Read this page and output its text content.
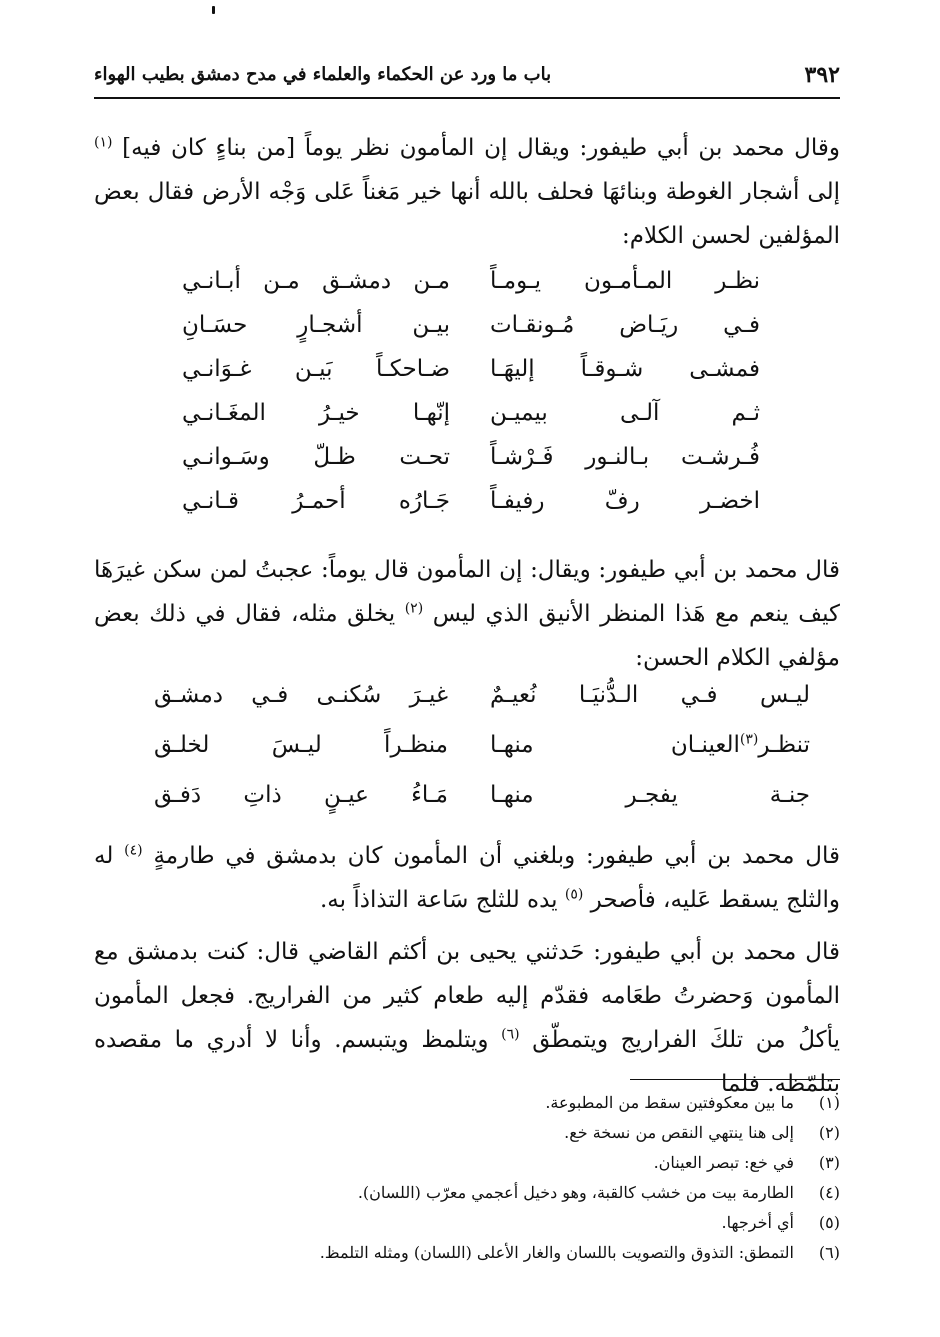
٣٩٢
باب ما ورد عن الحكماء والعلماء في مدح دمشق بطيب الهواء
وقال محمد بن أبي طيفور: ويقال إن المأمون نظر يوماً [من بناءٍ كان فيه] $^{(١)}$ إلى أشجار الغوطة وبنائهَا فحلف بالله أنها خير مَغناً عَلى وَجْه الأرض فقال بعض المؤلفين لحسن الكلام:
نظـر المـأمـون يـومـاً
مـن دمشـق مـن أبـانـي
فـي ريَـاض مُـونقـات
بيـن أشجـارٍ حسَـانِ
فمشـى شـوقـاً إليهَـا
ضـاحكـاً بَيـن غـوَانـي
ثـم آلـى بيميـن
إنّهـا خيـرُ المغَـانـي
فُـرشـت بـالنـور فَـرْشـاً
تحـت ظـلّ وسَـوانـي
اخضـر رفّ رفيفـاً
جَـارُه أحمـرُ قـانـي
قال محمد بن أبي طيفور: ويقال: إن المأمون قال يوماً: عجبتُ لمن سكن غيرَهَا كيف ينعم مع هَذا المنظر الأنيق الذي ليس $^{(٢)}$ يخلق مثله، فقال في ذلك بعض مؤلفي الكلام الحسن:
ليـس فـي الـدُّنيَـا نُعيـمٌ
غيـرَ سُكنـى فـي دمشـق
تنظـر$^{(٣)}$العينـان منهـا
منظـراً ليـسَ لخلـق
جنـة يفجـر منهـا
مَـاءُ عيـنٍ ذاتِ دَفـق
قال محمد بن أبي طيفور: وبلغني أن المأمون كان بدمشق في طارمةٍ $^{(٤)}$ له والثلج يسقط عَليه، فأصحر $^{(٥)}$ يده للثلج سَاعة التذاذاً به.
قال محمد بن أبي طيفور: حَدثني يحيى بن أكثم القاضي قال: كنت بدمشق مع المأمون وَحضرتُ طعَامه فقدّم إليه طعام كثير من الفراريج. فجعل المأمون يأكلُ من تلكَ الفراريج ويتمطّق $^{(٦)}$ ويتلمظ ويتبسم. وأنا لا أدري ما مقصده بتلمّظه. فلما
(١)ما بين معكوفتين سقط من المطبوعة.
(٢)إلى هنا ينتهي النقص من نسخة خع.
(٣)في خع: تبصر العينان.
(٤)الطارمة بيت من خشب كالقبة، وهو دخيل أعجمي معرّب (اللسان).
(٥)أي أخرجها.
(٦)التمطق: التذوق والتصويت باللسان والغار الأعلى (اللسان) ومثله التلمظ.
